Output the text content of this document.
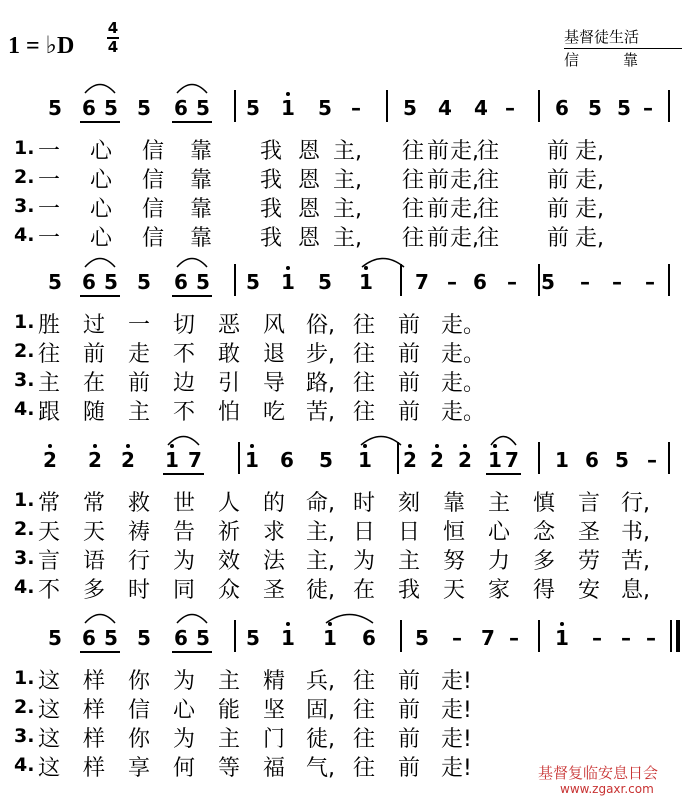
1 = ♭D
4
4
基督徒生活
信靠
5 6 5 5 6 5 5 1 5 – 5 4 4 – 6 5 5 –
1. 一 心 信 靠 我 恩 主, 往 前 走,
往 前 走,
2. 一 心 信 靠 我 恩 主, 往 前 走,
往 前 走,
3. 一 心 信 靠 我 恩 主, 往 前 走,
往 前 走,
4. 一 心 信 靠 我 恩 主, 往 前 走,
往 前 走,
5 6 5 5 6 5 5 1 5 1 7 – 6 – 5 – – –
1. 胜 过 一 切 恶 风 俗, 往 前 走。
2. 往 前 走 不 敢 退 步, 往 前 走。
3. 主 在 前 边 引 导 路, 往 前 走。
4. 跟 随 主 不 怕 吃 苦, 往 前 走。
2 2 2 1 7 1 6 5 1 2 2 2 1 7 1 6 5 –
1. 常 常 救 世 人 的 命, 时 刻 靠 主 慎 言 行,
2. 天 天 祷 告 祈 求 主, 日 日 恒 心 念 圣 书,
3. 言 语 行 为 效 法 主, 为 主 努 力 多 劳 苦,
4. 不 多 时 同 众 圣 徒, 在 我 天 家 得 安 息,
5 6 5 5 6 5 5 1 1 6 5 – 7 – 1 – – –
1. 这 样 你 为 主 精 兵, 往 前 走!
2. 这 样 信 心 能 坚 固, 往 前 走!
3. 这 样 你 为 主 门 徒, 往 前 走!
4. 这 样 享 何 等 福 气, 往 前 走!	基督复临安息日会
www.zgaxr.com
